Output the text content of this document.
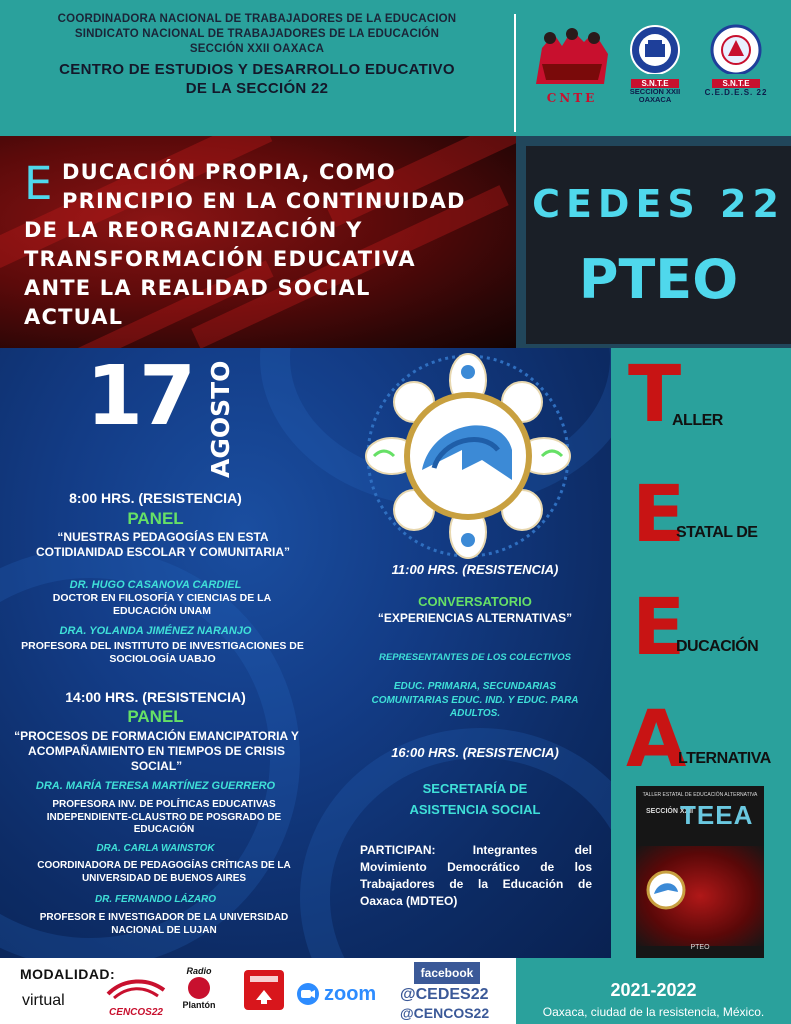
COORDINADORA NACIONAL DE TRABAJADORES DE LA EDUCACION
SINDICATO NACIONAL DE TRABAJADORES DE LA EDUCACIÓN
SECCIÓN XXII OAXACA
CENTRO DE ESTUDIOS Y DESARROLLO EDUCATIVO
DE LA SECCIÓN 22
CNTE
S.N.T.E
SECCION XXII OAXACA
S.N.T.E
C.E.D.E.S. 22
E DUCACIÓN PROPIA, COMO
PRINCIPIO EN LA CONTINUIDAD
DE LA REORGANIZACIÓN Y
TRANSFORMACIÓN EDUCATIVA
ANTE LA REALIDAD SOCIAL
ACTUAL
CEDES 22
PTEO
17 AGOSTO
8:00 HRS. (RESISTENCIA)
PANEL
“NUESTRAS PEDAGOGÍAS EN ESTA COTIDIANIDAD ESCOLAR Y COMUNITARIA”
DR. HUGO CASANOVA CARDIEL
DOCTOR EN FILOSOFÍA Y CIENCIAS DE LA EDUCACIÓN UNAM
DRA. YOLANDA JIMÉNEZ NARANJO
PROFESORA DEL INSTITUTO DE INVESTIGACIONES DE SOCIOLOGÍA UABJO
14:00 HRS. (RESISTENCIA)
PANEL
“PROCESOS DE FORMACIÓN EMANCIPATORIA Y ACOMPAÑAMIENTO EN TIEMPOS DE CRISIS SOCIAL”
DRA. MARÍA TERESA MARTÍNEZ GUERRERO
PROFESORA INV. DE POLÍTICAS EDUCATIVAS INDEPENDIENTE-CLAUSTRO DE POSGRADO DE EDUCACIÓN
DRA. CARLA WAINSTOK
COORDINADORA DE PEDAGOGÍAS CRÍTICAS DE LA UNIVERSIDAD DE BUENOS AIRES
DR. FERNANDO LÁZARO
PROFESOR E INVESTIGADOR DE LA UNIVERSIDAD NACIONAL DE LUJAN
11:00 HRS. (RESISTENCIA)
CONVERSATORIO
“EXPERIENCIAS ALTERNATIVAS”
REPRESENTANTES DE LOS COLECTIVOS
EDUC. PRIMARIA, SECUNDARIAS COMUNITARIAS EDUC. IND. Y EDUC. PARA ADULTOS.
16:00 HRS. (RESISTENCIA)
SECRETARÍA DE ASISTENCIA SOCIAL
PARTICIPAN:	Integrantes del Movimiento Democrático de los Trabajadores de la Educación de Oaxaca (MDTEO)
T
ALLER
E
STATAL DE
E
DUCACIÓN
A
LTERNATIVA
TALLER ESTATAL DE EDUCACIÓN ALTERNATIVA
SECCIÓN XXII
TEEA
PTEO
MODALIDAD:
virtual
CENCOS22
Radio
Plantón	zoom
facebook
@CEDES22
@CENCOS22
2021-2022
Oaxaca, ciudad de la resistencia, México.
